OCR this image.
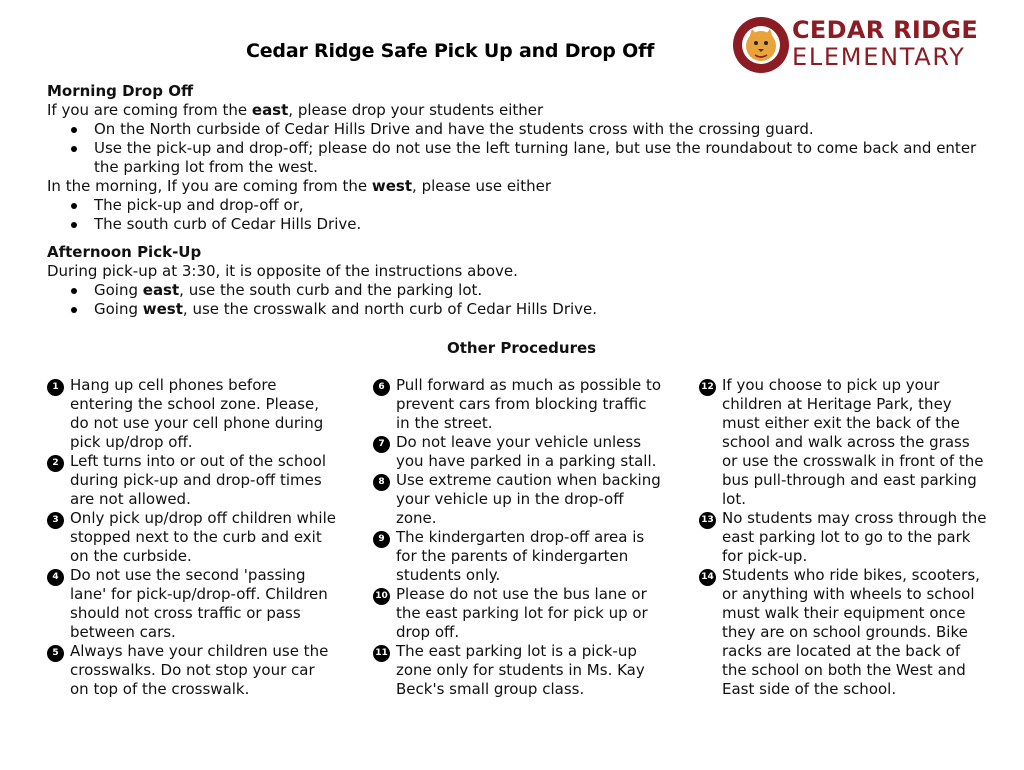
Cedar Ridge Safe Pick Up and Drop Off
CEDAR RIDGE
ELEMENTARY

Morning Drop Off

If you are coming from the east, please drop your students either

On the North curbside of Cedar Hills Drive and have the students cross with the crossing guard.
Use the pick-up and drop-off; please do not use the left turning lane, but use the roundabout to come back and enter the parking lot from the west.

In the morning, If you are coming from the west, please use either

The pick-up and drop-off or,
The south curb of Cedar Hills Drive.

Afternoon Pick-Up

During pick-up at 3:30, it is opposite of the instructions above.

Going east, use the south curb and the parking lot.
Going west, use the crosswalk and north curb of Cedar Hills Drive.
Other Procedures
1 Hang up cell phones before entering the school zone. Please, do not use your cell phone during pick up/drop off.
2 Left turns into or out of the school during pick-up and drop-off times are not allowed.
3 Only pick up/drop off children while stopped next to the curb and exit on the curbside.
4 Do not use the second 'passing lane' for pick-up/drop-off. Children should not cross traffic or pass between cars.
5 Always have your children use the crosswalks. Do not stop your car on top of the crosswalk.
6 Pull forward as much as possible to prevent cars from blocking traffic in the street.
7 Do not leave your vehicle unless you have parked in a parking stall.
8 Use extreme caution when backing your vehicle up in the drop-off zone.
9 The kindergarten drop-off area is for the parents of kindergarten students only.
10 Please do not use the bus lane or the east parking lot for pick up or drop off.
11 The east parking lot is a pick-up zone only for students in Ms. Kay Beck's small group class.
12 If you choose to pick up your children at Heritage Park, they must either exit the back of the school and walk across the grass or use the crosswalk in front of the bus pull-through and east parking lot.
13 No students may cross through the east parking lot to go to the park for pick-up.
14 Students who ride bikes, scooters, or anything with wheels to school must walk their equipment once they are on school grounds. Bike racks are located at the back of the school on both the West and East side of the school.
